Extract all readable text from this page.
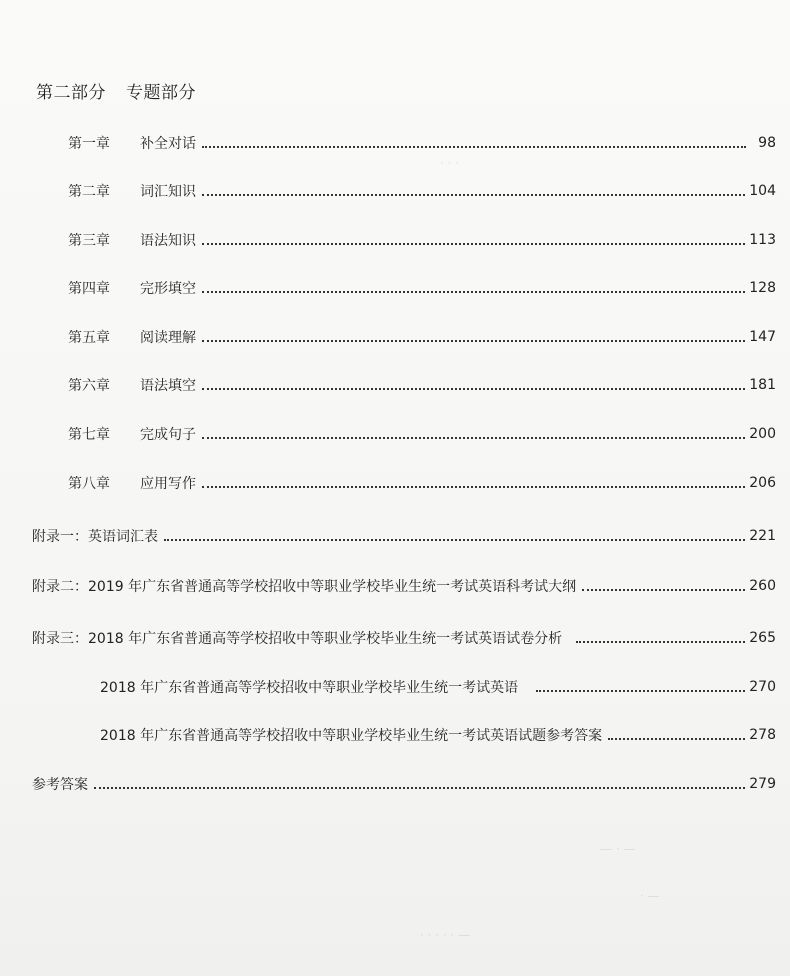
第二部分 专题部分
第一章	补全对话	98
第二章	词汇知识	104
第三章	语法知识	113
第四章	完形填空	128
第五章	阅读理解	147
第六章	语法填空	181
第七章	完成句子	200
第八章	应用写作	206
附录一：英语词汇表	221
附录二：2019 年广东省普通高等学校招收中等职业学校毕业生统一考试英语科考试大纲	260
附录三：2018 年广东省普通高等学校招收中等职业学校毕业生统一考试英语试卷分析	265
2018 年广东省普通高等学校招收中等职业学校毕业生统一考试英语	270
2018 年广东省普通高等学校招收中等职业学校毕业生统一考试英语试题参考答案	278
参考答案	279
· · ·
— · —
· —
· · · · · —
